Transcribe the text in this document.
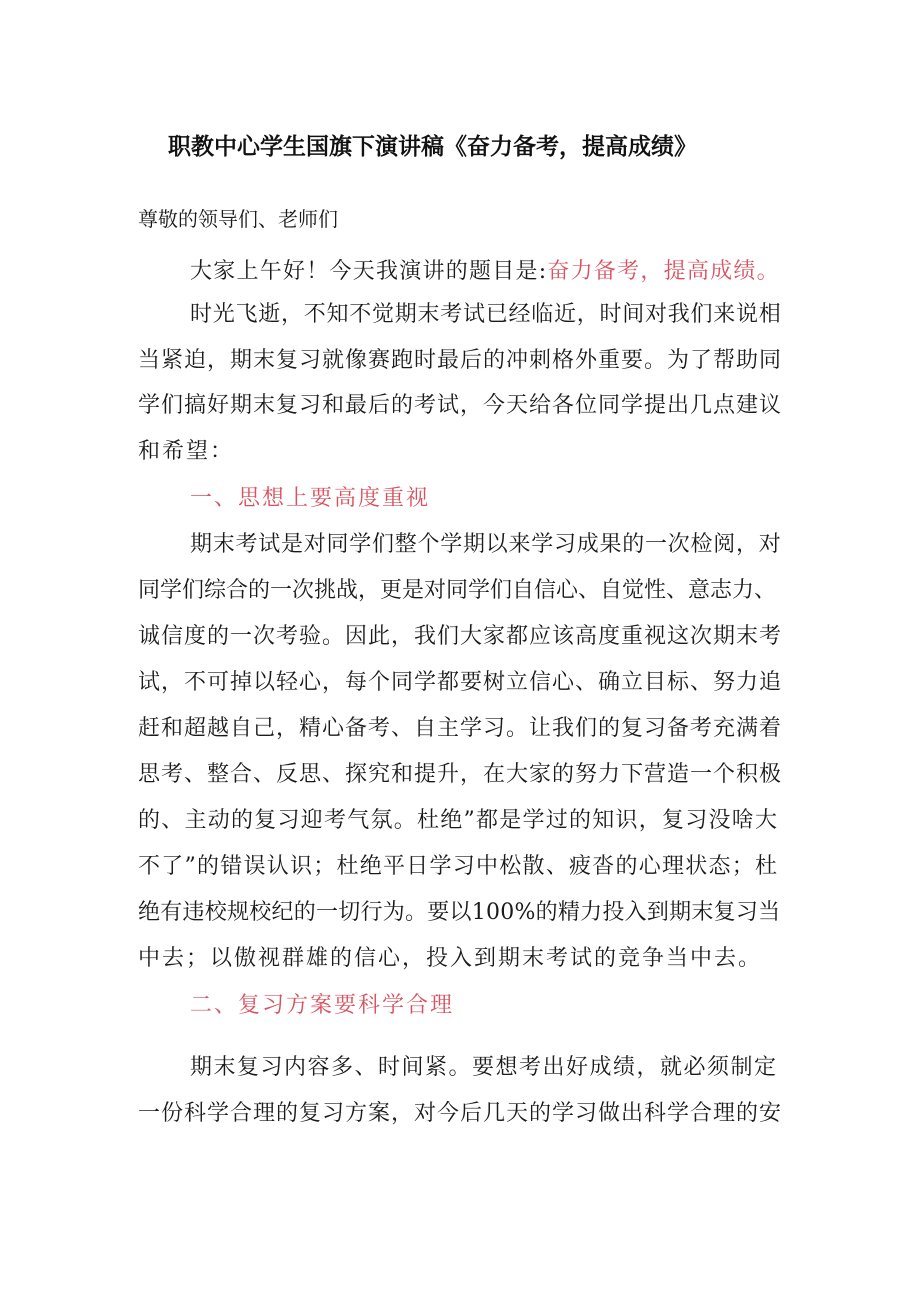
职教中心学生国旗下演讲稿《奋力备考，提高成绩》
尊敬的领导们、老师们
大家上午好！今天我演讲的题目是:奋力备考，提高成绩。
时光飞逝，不知不觉期末考试已经临近，时间对我们来说相
当紧迫，期末复习就像赛跑时最后的冲刺格外重要。为了帮助同
学们搞好期末复习和最后的考试，今天给各位同学提出几点建议
和希望：
一、思想上要高度重视
期末考试是对同学们整个学期以来学习成果的一次检阅，对
同学们综合的一次挑战，更是对同学们自信心、自觉性、意志力、
诚信度的一次考验。因此，我们大家都应该高度重视这次期末考
试，不可掉以轻心，每个同学都要树立信心、确立目标、努力追
赶和超越自己，精心备考、自主学习。让我们的复习备考充满着
思考、整合、反思、探究和提升，在大家的努力下营造一个积极
的、主动的复习迎考气氛。杜绝”都是学过的知识，复习没啥大
不了”的错误认识；杜绝平日学习中松散、疲沓的心理状态；杜
绝有违校规校纪的一切行为。要以100%的精力投入到期末复习当
中去；以傲视群雄的信心，投入到期末考试的竞争当中去。
二、复习方案要科学合理
期末复习内容多、时间紧。要想考出好成绩，就必须制定
一份科学合理的复习方案，对今后几天的学习做出科学合理的安
